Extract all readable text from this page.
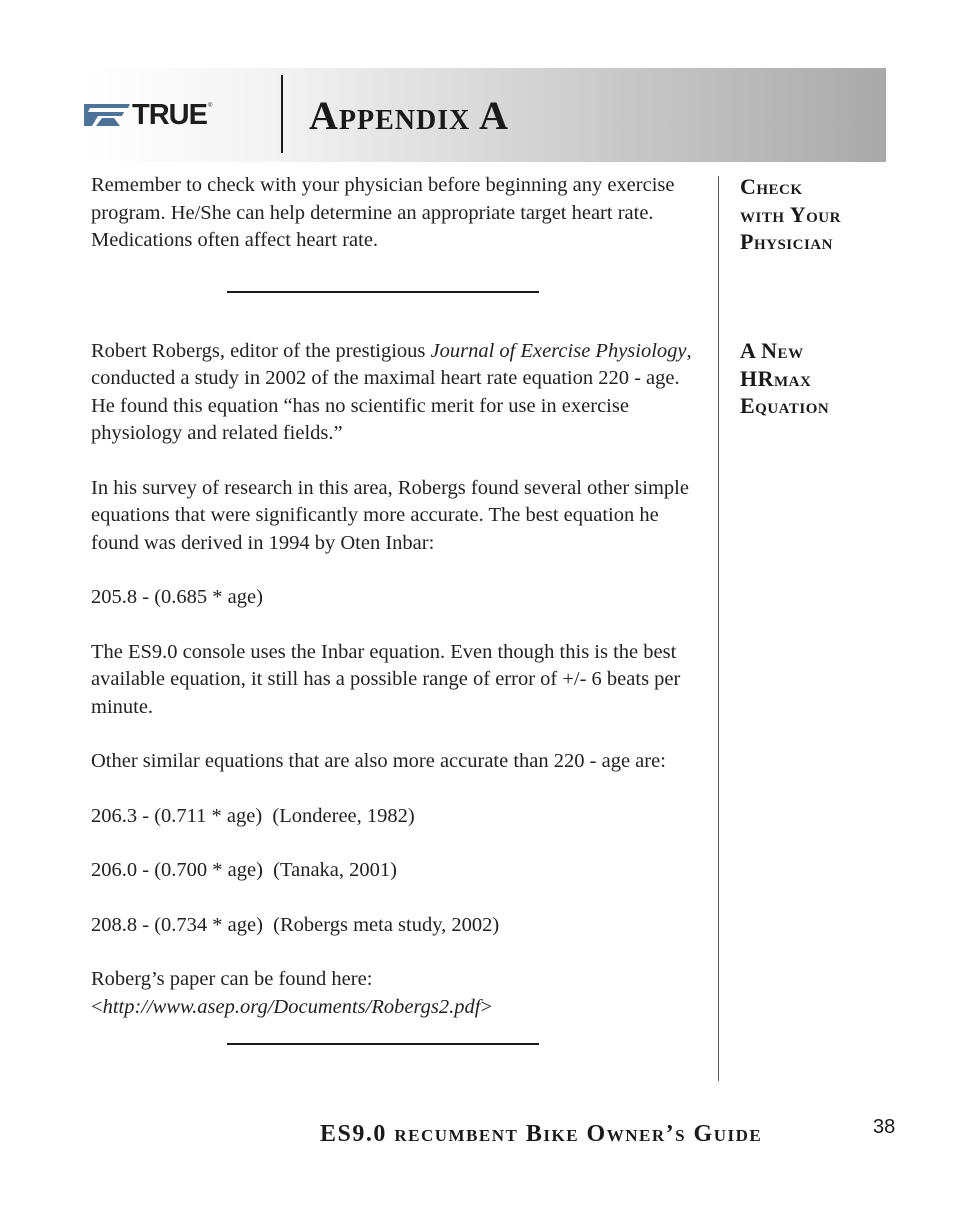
TRUE ® Appendix A

Remember to check with your physician before beginning any exercise program. He/She can help determine an appropriate target heart rate. Medications often affect heart rate.

Robert Robergs, editor of the prestigious Journal of Exercise Physiology, conducted a study in 2002 of the maximal heart rate equation 220 - age. He found this equation “has no scientific merit for use in exercise physiology and related fields.”

In his survey of research in this area, Robergs found several other simple equations that were significantly more accurate. The best equation he found was derived in 1994 by Oten Inbar:

205.8 - (0.685 * age)

The ES9.0 console uses the Inbar equation. Even though this is the best available equation, it still has a possible range of error of +/- 6 beats per minute.

Other similar equations that are also more accurate than 220 - age are:

206.3 - (0.711 * age)  (Londeree, 1982)

206.0 - (0.700 * age)  (Tanaka, 2001)

208.8 - (0.734 * age)  (Robergs meta study, 2002)

Roberg’s paper can be found here:

<http://www.asep.org/Documents/Robergs2.pdf>

Check
with Your
Physician
A New
HRmax
Equation
ES9.0 recumbent Bike Owner’s Guide	38
